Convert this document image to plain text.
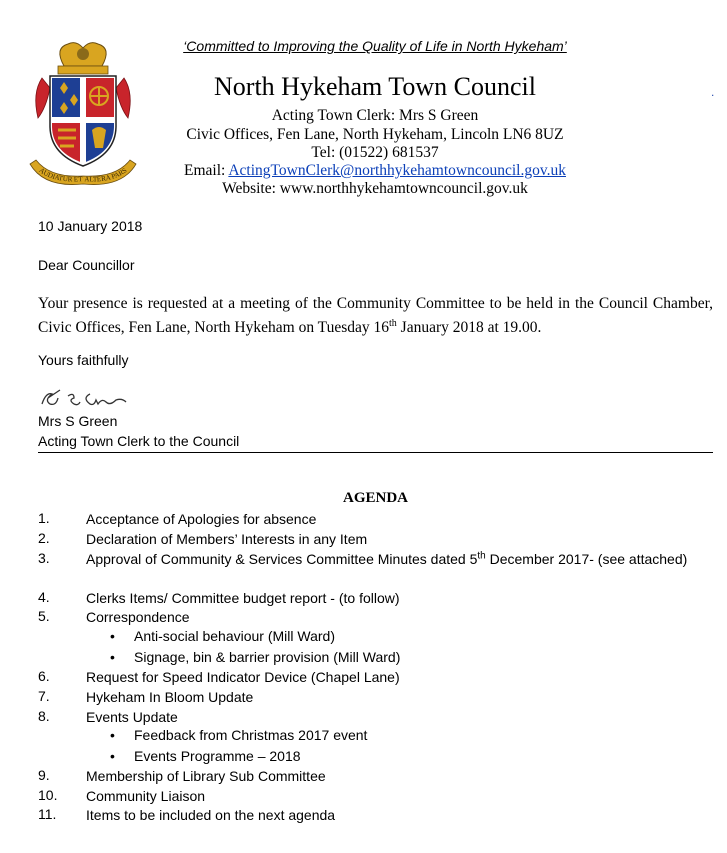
AUDIATUR ET ALTERA PARS
‘Committed to Improving the Quality of Life in North Hykeham’
North Hykeham Town Council
Acting Town Clerk: Mrs S Green
Civic Offices, Fen Lane, North Hykeham, Lincoln LN6 8UZ
Tel: (01522) 681537
Email: ActingTownClerk@northhykehamtowncouncil.gov.uk
Website: www.northhykehamtowncouncil.gov.uk
.
10 January 2018
Dear Councillor
Your presence is requested at a meeting of the Community Committee to be held in the Council Chamber, Civic Offices, Fen Lane, North Hykeham on Tuesday 16th January 2018 at 19.00.
Yours faithfully
Mrs S Green
Acting Town Clerk to the Council
AGENDA
1.	Acceptance of Apologies for absence
2.	Declaration of Members’ Interests in any Item
3.	Approval of Community & Services Committee Minutes dated 5th December 2017- (see attached)
4.	Clerks Items/ Committee budget report - (to follow)
5.	Correspondence
• Anti-social behaviour (Mill Ward)
• Signage, bin & barrier provision (Mill Ward)
6.	Request for Speed Indicator Device (Chapel Lane)
7.	Hykeham In Bloom Update
8.	Events Update
• Feedback from Christmas 2017 event
• Events Programme – 2018
9.	Membership of Library Sub Committee
10. Community Liaison
11. Items to be included on the next agenda
